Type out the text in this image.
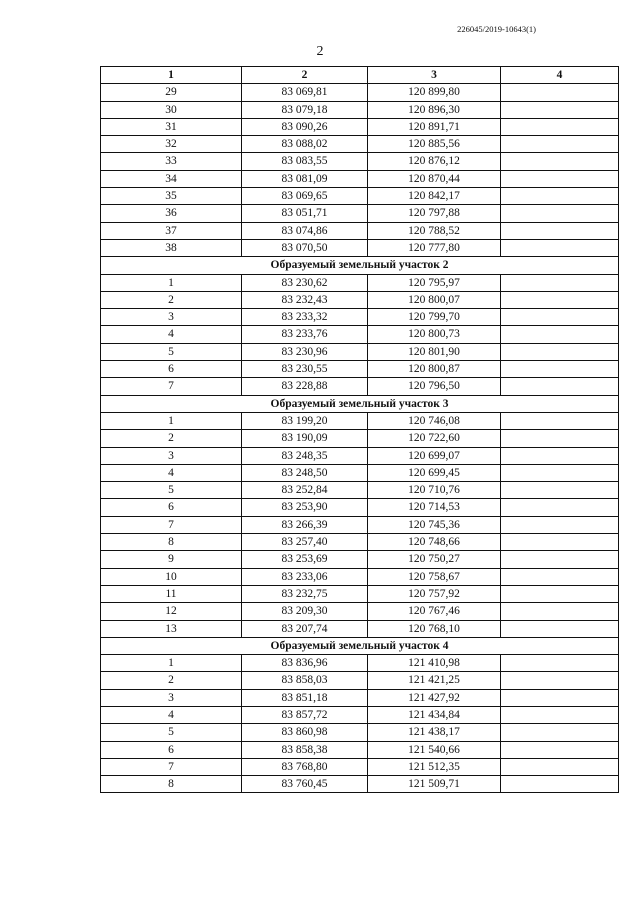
226045/2019-10643(1)
2
1	2	3	4
29	83 069,81	120 899,80	
30	83 079,18	120 896,30	
31	83 090,26	120 891,71	
32	83 088,02	120 885,56	
33	83 083,55	120 876,12	
34	83 081,09	120 870,44	
35	83 069,65	120 842,17	
36	83 051,71	120 797,88	
37	83 074,86	120 788,52	
38	83 070,50	120 777,80	
Образуемый земельный участок 2			
1	83 230,62	120 795,97	
2	83 232,43	120 800,07	
3	83 233,32	120 799,70	
4	83 233,76	120 800,73	
5	83 230,96	120 801,90	
6	83 230,55	120 800,87	
7	83 228,88	120 796,50	
Образуемый земельный участок 3			
1	83 199,20	120 746,08	
2	83 190,09	120 722,60	
3	83 248,35	120 699,07	
4	83 248,50	120 699,45	
5	83 252,84	120 710,76	
6	83 253,90	120 714,53	
7	83 266,39	120 745,36	
8	83 257,40	120 748,66	
9	83 253,69	120 750,27	
10	83 233,06	120 758,67	
11	83 232,75	120 757,92	
12	83 209,30	120 767,46	
13	83 207,74	120 768,10	
Образуемый земельный участок 4			
1	83 836,96	121 410,98	
2	83 858,03	121 421,25	
3	83 851,18	121 427,92	
4	83 857,72	121 434,84	
5	83 860,98	121 438,17	
6	83 858,38	121 540,66	
7	83 768,80	121 512,35	
8	83 760,45	121 509,71	
